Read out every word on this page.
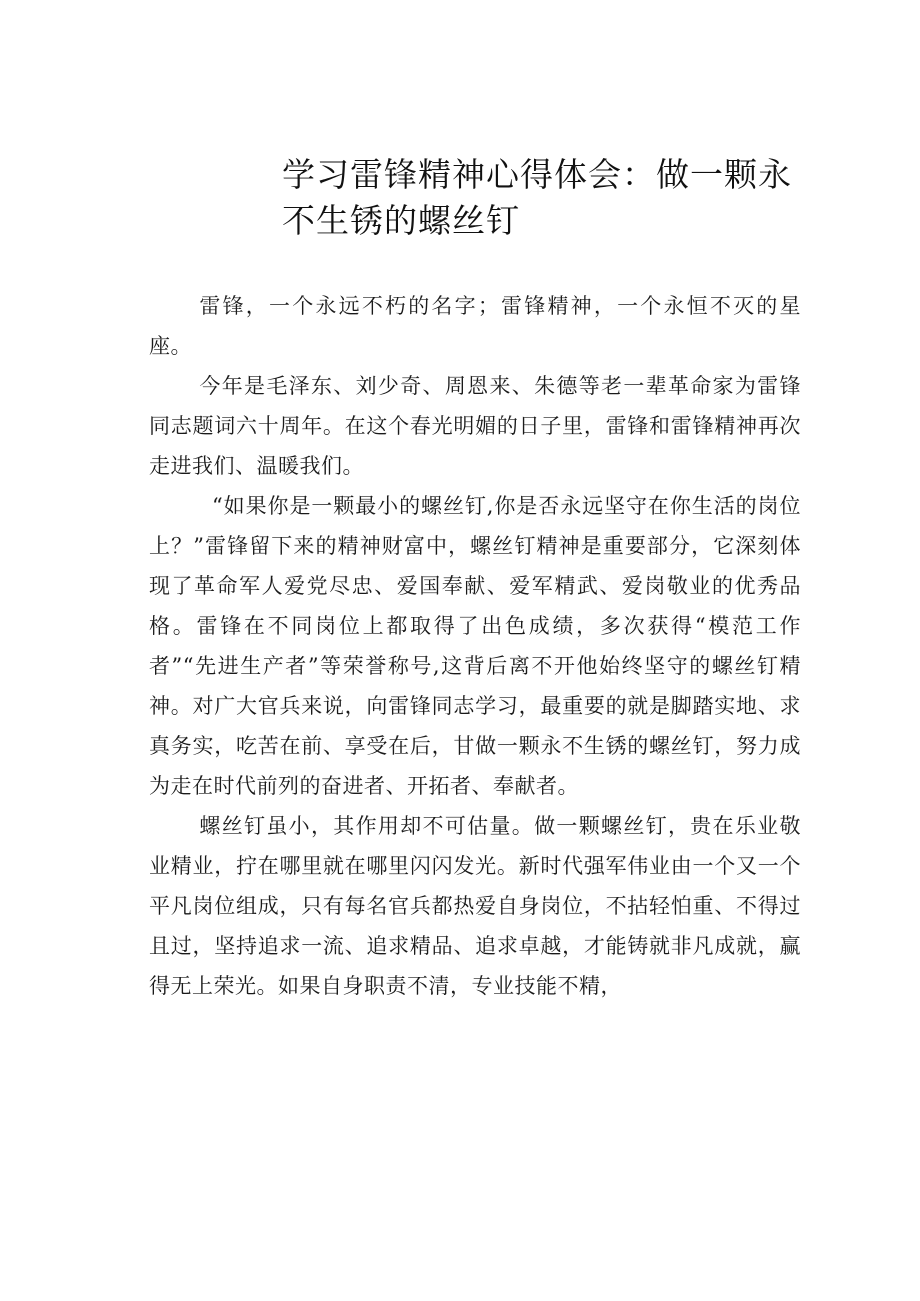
学习雷锋精神心得体会：做一颗永不生锈的螺丝钉

雷锋，一个永远不朽的名字；雷锋精神，一个永恒不灭的星座。

今年是毛泽东、刘少奇、周恩来、朱德等老一辈革命家为雷锋同志题词六十周年。在这个春光明媚的日子里，雷锋和雷锋精神再次走进我们、温暖我们。

“如果你是一颗最小的螺丝钉,你是否永远坚守在你生活的岗位上？”雷锋留下来的精神财富中，螺丝钉精神是重要部分，它深刻体现了革命军人爱党尽忠、爱国奉献、爱军精武、爱岗敬业的优秀品格。雷锋在不同岗位上都取得了出色成绩，多次获得“模范工作者”“先进生产者”等荣誉称号,这背后离不开他始终坚守的螺丝钉精神。对广大官兵来说，向雷锋同志学习，最重要的就是脚踏实地、求真务实，吃苦在前、享受在后，甘做一颗永不生锈的螺丝钉，努力成为走在时代前列的奋进者、开拓者、奉献者。

螺丝钉虽小，其作用却不可估量。做一颗螺丝钉，贵在乐业敬业精业，拧在哪里就在哪里闪闪发光。新时代强军伟业由一个又一个平凡岗位组成，只有每名官兵都热爱自身岗位，不拈轻怕重、不得过且过，坚持追求一流、追求精品、追求卓越，才能铸就非凡成就，赢得无上荣光。如果自身职责不清，专业技能不精，
